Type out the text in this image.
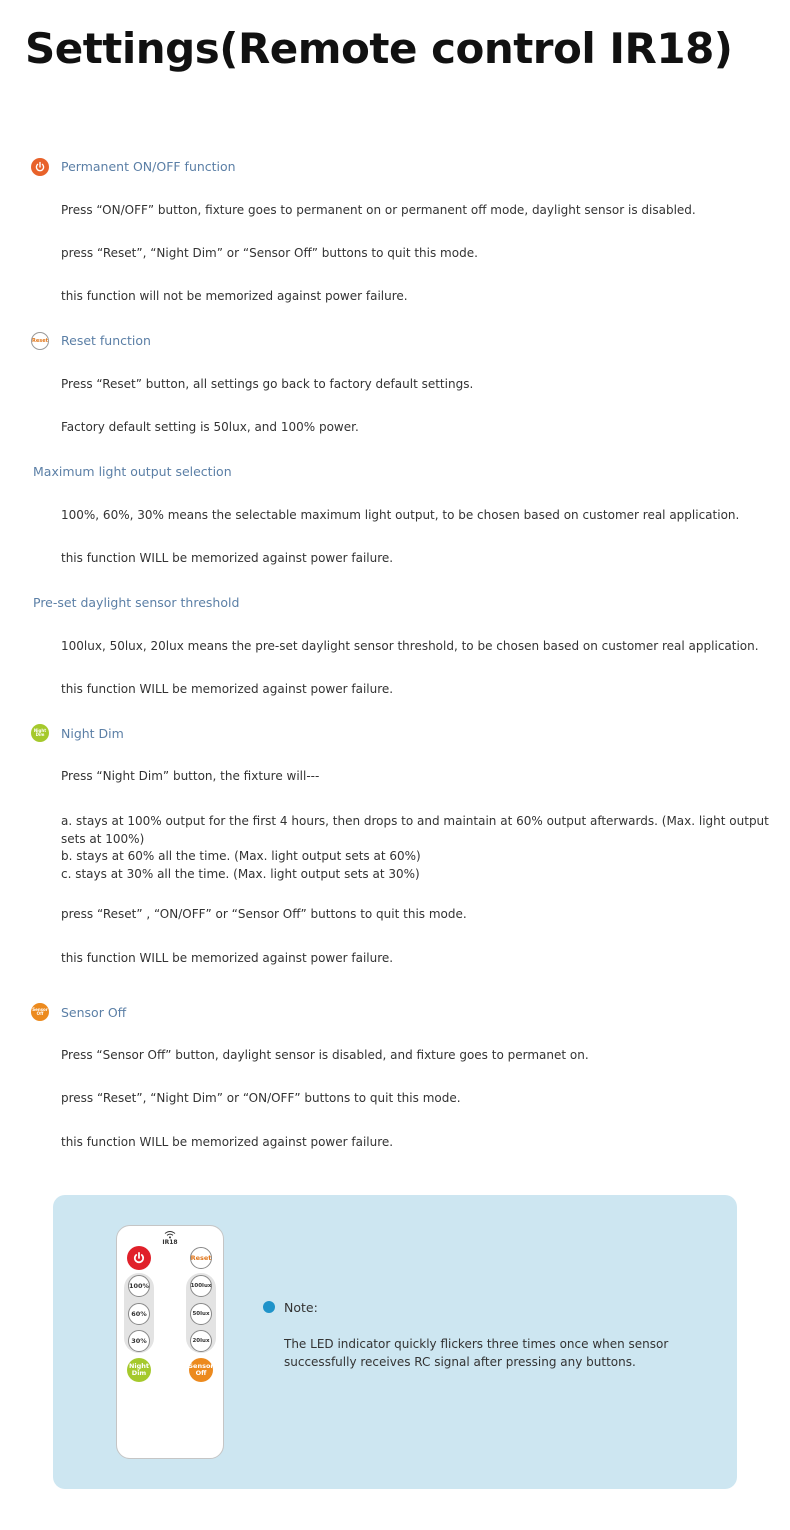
Settings(Remote control IR18)
Permanent ON/OFF function
Press “ON/OFF” button, fixture goes to permanent on or permanent off mode, daylight sensor is disabled.
press “Reset”, “Night Dim” or “Sensor Off” buttons to quit this mode.
this function will not be memorized against power failure.
Reset Reset function
Press “Reset” button, all settings go back to factory default settings.
Factory default setting is 50lux, and 100% power.
Maximum light output selection
100%, 60%, 30% means the selectable maximum light output, to be chosen based on customer real application.
this function WILL be memorized against power failure.
Pre-set daylight sensor threshold
100lux, 50lux, 20lux means the pre-set daylight sensor threshold, to be chosen based on customer real application.
this function WILL be memorized against power failure.
Night
Dim Night Dim
Press “Night Dim” button, the fixture will---
a. stays at 100% output for the first 4 hours, then drops to and maintain at 60% output afterwards. (Max. light output sets at 100%)
b. stays at 60% all the time. (Max. light output sets at 60%)
c. stays at 30% all the time. (Max. light output sets at 30%)
press “Reset” , “ON/OFF” or “Sensor Off” buttons to quit this mode.
this function WILL be memorized against power failure.
Sensor
Off	Sensor Off
Press “Sensor Off” button, daylight sensor is disabled, and fixture goes to permanet on.
press “Reset”, “Night Dim” or “ON/OFF” buttons to quit this mode.
this function WILL be memorized against power failure.
IR18
Reset
100%
60%
30%
100lux
50lux
20lux
Night
Dim
Sensor
Off
Note:
The LED indicator quickly flickers three times once when sensor successfully receives RC signal after pressing any buttons.
